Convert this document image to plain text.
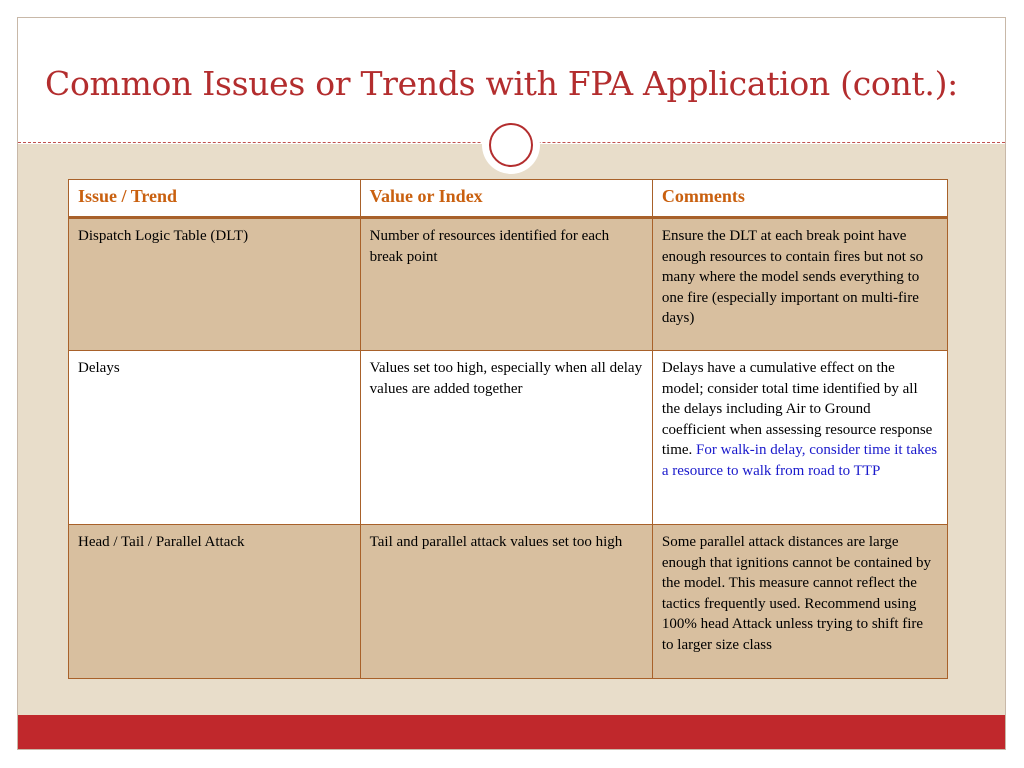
Common Issues or Trends with FPA Application (cont.):
Issue / Trend	Value or Index	Comments
Dispatch Logic Table (DLT)	Number of resources identified for each break point	Ensure the DLT at each break point have enough resources to contain fires but not so many where the model sends everything to one fire (especially important on multi-fire days)
Delays	Values set too high, especially when all delay values are added together	Delays have a cumulative effect on the model; consider total time identified by all the delays including Air to Ground coefficient when assessing resource response time. For walk-in delay, consider time it takes a resource to walk from road to TTP
Head / Tail / Parallel Attack	Tail and parallel attack values set too high	Some parallel attack distances are large enough that ignitions cannot be contained by the model. This measure cannot reflect the tactics frequently used. Recommend using 100% head Attack unless trying to shift fire to larger size class
